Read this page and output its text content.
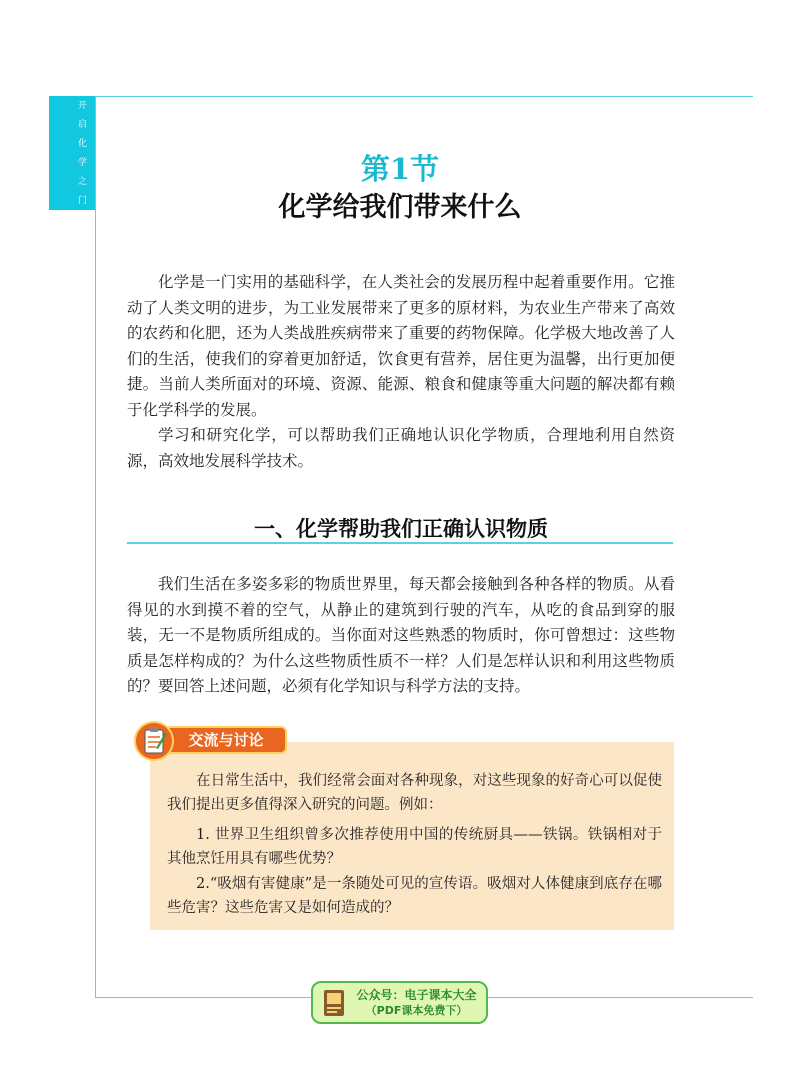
开启化学之门	第1节
化学给我们带来什么

化学是一门实用的基础科学，在人类社会的发展历程中起着重要作用。它推动了人类文明的进步，为工业发展带来了更多的原材料，为农业生产带来了高效的农药和化肥，还为人类战胜疾病带来了重要的药物保障。化学极大地改善了人们的生活，使我们的穿着更加舒适，饮食更有营养，居住更为温馨，出行更加便捷。当前人类所面对的环境、资源、能源、粮食和健康等重大问题的解决都有赖于化学科学的发展。

学习和研究化学，可以帮助我们正确地认识化学物质，合理地利用自然资源，高效地发展科学技术。

一、化学帮助我们正确认识物质

我们生活在多姿多彩的物质世界里，每天都会接触到各种各样的物质。从看得见的水到摸不着的空气，从静止的建筑到行驶的汽车，从吃的食品到穿的服装，无一不是物质所组成的。当你面对这些熟悉的物质时，你可曾想过：这些物质是怎样构成的？为什么这些物质性质不一样？人们是怎样认识和利用这些物质的？要回答上述问题，必须有化学知识与科学方法的支持。

交流与讨论

在日常生活中，我们经常会面对各种现象，对这些现象的好奇心可以促使我们提出更多值得深入研究的问题。例如：

1. 世界卫生组织曾多次推荐使用中国的传统厨具——铁锅。铁锅相对于其他烹饪用具有哪些优势？

2.“吸烟有害健康”是一条随处可见的宣传语。吸烟对人体健康到底存在哪些危害？这些危害又是如何造成的？

公众号：电子课本大全
（PDF课本免费下）
